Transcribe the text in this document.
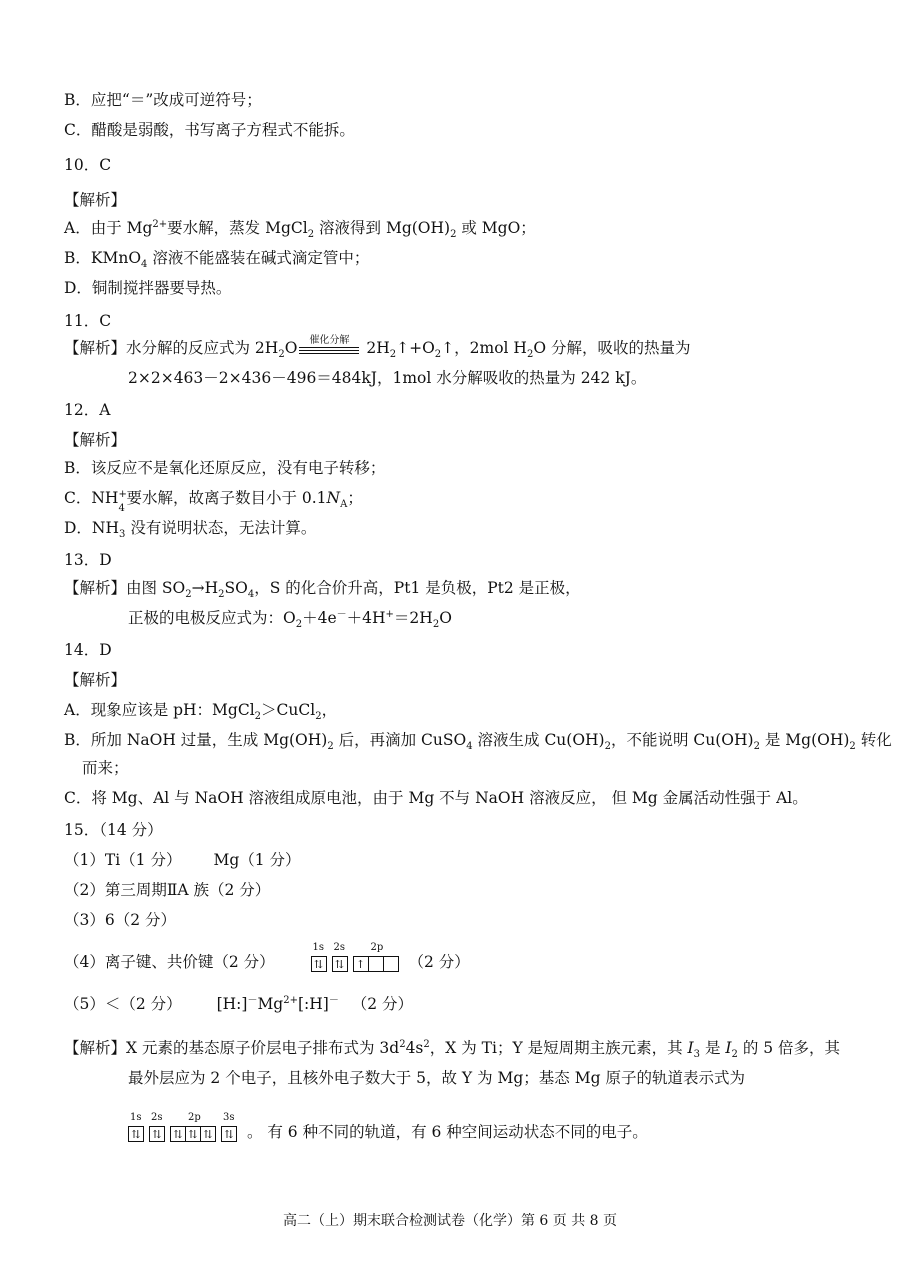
B．应把“＝”改成可逆符号；
C．醋酸是弱酸，书写离子方程式不能拆。
10．C
【解析】
A．由于 $Mg^{2+}$要水解，蒸发 MgCl$_2$ 溶液得到 $Mg(OH)_2$ 或 MgO；
B．KMnO$_4$ 溶液不能盛装在碱式滴定管中；
D．铜制搅拌器要导热。
11．C
【解析】水分解的反应式为 $2H_2O$	催化分解 $2H_2↑+O_2↑$，2mol $H_2O$ 分解，吸收的热量为
2×2×463－2×436－496＝484kJ，1mol 水分解吸收的热量为 242 kJ。
12．A
【解析】
B．该反应不是氧化还原反应，没有电子转移；
C．NH +
4
要水解，故离子数目小于 $0.1N_A$；
D．$NH_3$ 没有说明状态，无法计算。
13．D
【解析】由图 $SO_2\to H_2SO_4$，S 的化合价升高，Pt1 是负极，Pt2 是正极，
正极的电极反应式为：$O_2+4e^-+4H^+=2H_2O$
14．D
【解析】
A．现象应该是 pH：MgCl$_2$＞CuCl$_2$，
B．所加 NaOH 过量，生成 $Mg(OH)_2$ 后，再滴加 CuSO$_4$ 溶液生成 $Cu(OH)_2$，不能说明 $Cu(OH)_2$ 是 $Mg(OH)_2$ 转化
而来；
C．将 Mg、Al 与 NaOH 溶液组成原电池，由于 Mg 不与 NaOH 溶液反应， 但 Mg 金属活动性强于 Al。
15．（14 分）
（1）Ti（1 分） Mg（1 分）
（2）第三周期ⅡA 族（2 分）
（3）6（2 分）
（4）离子键、共价键（2 分）
1s
⇅
2s
⇅
2p
↑	（2 分）
（5）＜（2 分） $[H:]^-Mg^{2+}[:H]^-$ （2 分）
【解析】X 元素的基态原子价层电子排布式为 $3d^24s^2$，X 为 Ti；Y 是短周期主族元素，其 $I_3$ 是 $I_2$ 的 5 倍多，其
最外层应为 2 个电子，且核外电子数大于 5，故 Y 为 Mg；基态 Mg 原子的轨道表示式为
1s
⇅
2s
⇅
2p
⇅ ⇅ ⇅
3s
⇅ 。 有 6 种不同的轨道，有 6 种空间运动状态不同的电子。
高二（上）期末联合检测试卷（化学）第 6 页 共 8 页
